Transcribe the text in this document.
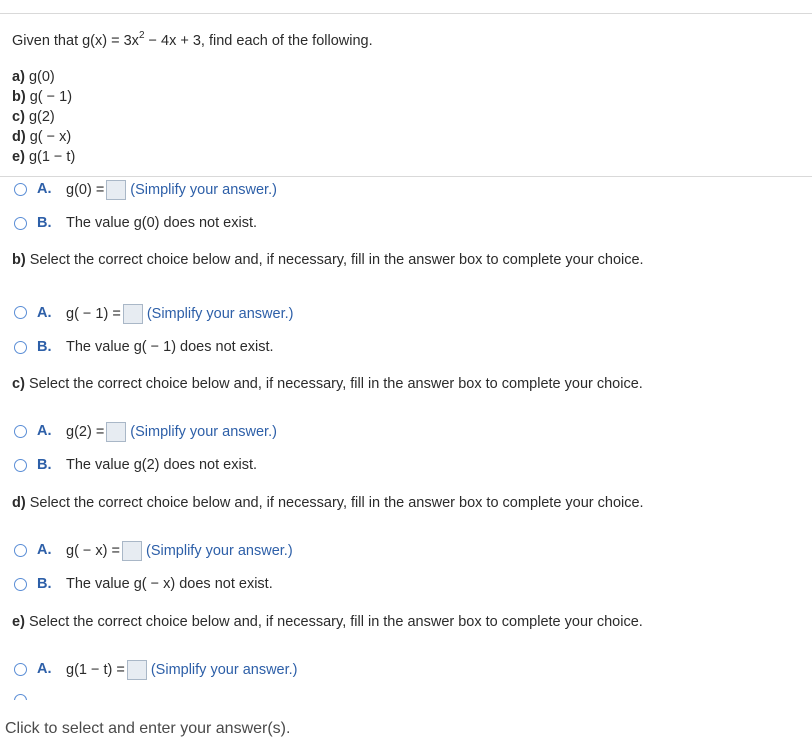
Given that $g(x) = 3x^2 - 4x + 3$, find each of the following.
a) g(0)
b) g( − 1)
c) g(2)
d) g( − x)
e) g(1 − t)
A. g(0) = (Simplify your answer.)
B. The value g(0) does not exist.
b) Select the correct choice below and, if necessary, fill in the answer box to complete your choice.
A. g( − 1) = (Simplify your answer.)
B. The value g( − 1) does not exist.
c) Select the correct choice below and, if necessary, fill in the answer box to complete your choice.
A. g(2) = (Simplify your answer.)
B. The value g(2) does not exist.
d) Select the correct choice below and, if necessary, fill in the answer box to complete your choice.
A. g( − x) = (Simplify your answer.)
B. The value g( − x) does not exist.
e) Select the correct choice below and, if necessary, fill in the answer box to complete your choice.
A. g(1 − t) = (Simplify your answer.)
Click to select and enter your answer(s).
